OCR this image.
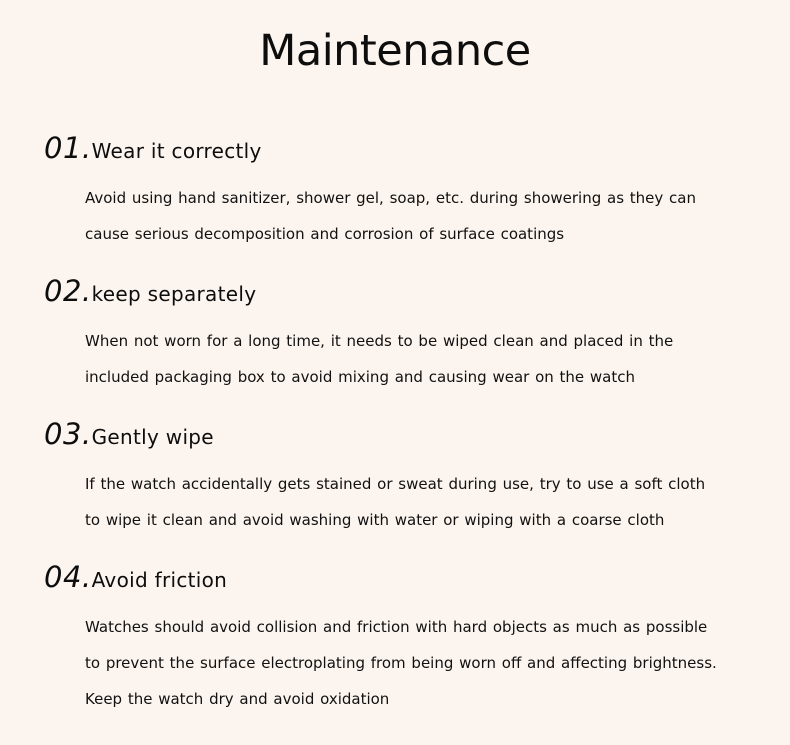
Maintenance
01.Wear it correctly
Avoid using hand sanitizer, shower gel, soap, etc. during showering as they can
cause serious decomposition and corrosion of surface coatings
02.keep separately
When not worn for a long time, it needs to be wiped clean and placed in the
included packaging box to avoid mixing and causing wear on the watch
03.Gently wipe
If the watch accidentally gets stained or sweat during use, try to use a soft cloth
to wipe it clean and avoid washing with water or wiping with a coarse cloth
04.Avoid friction
Watches should avoid collision and friction with hard objects as much as possible
to prevent the surface electroplating from being worn off and affecting brightness.
Keep the watch dry and avoid oxidation
